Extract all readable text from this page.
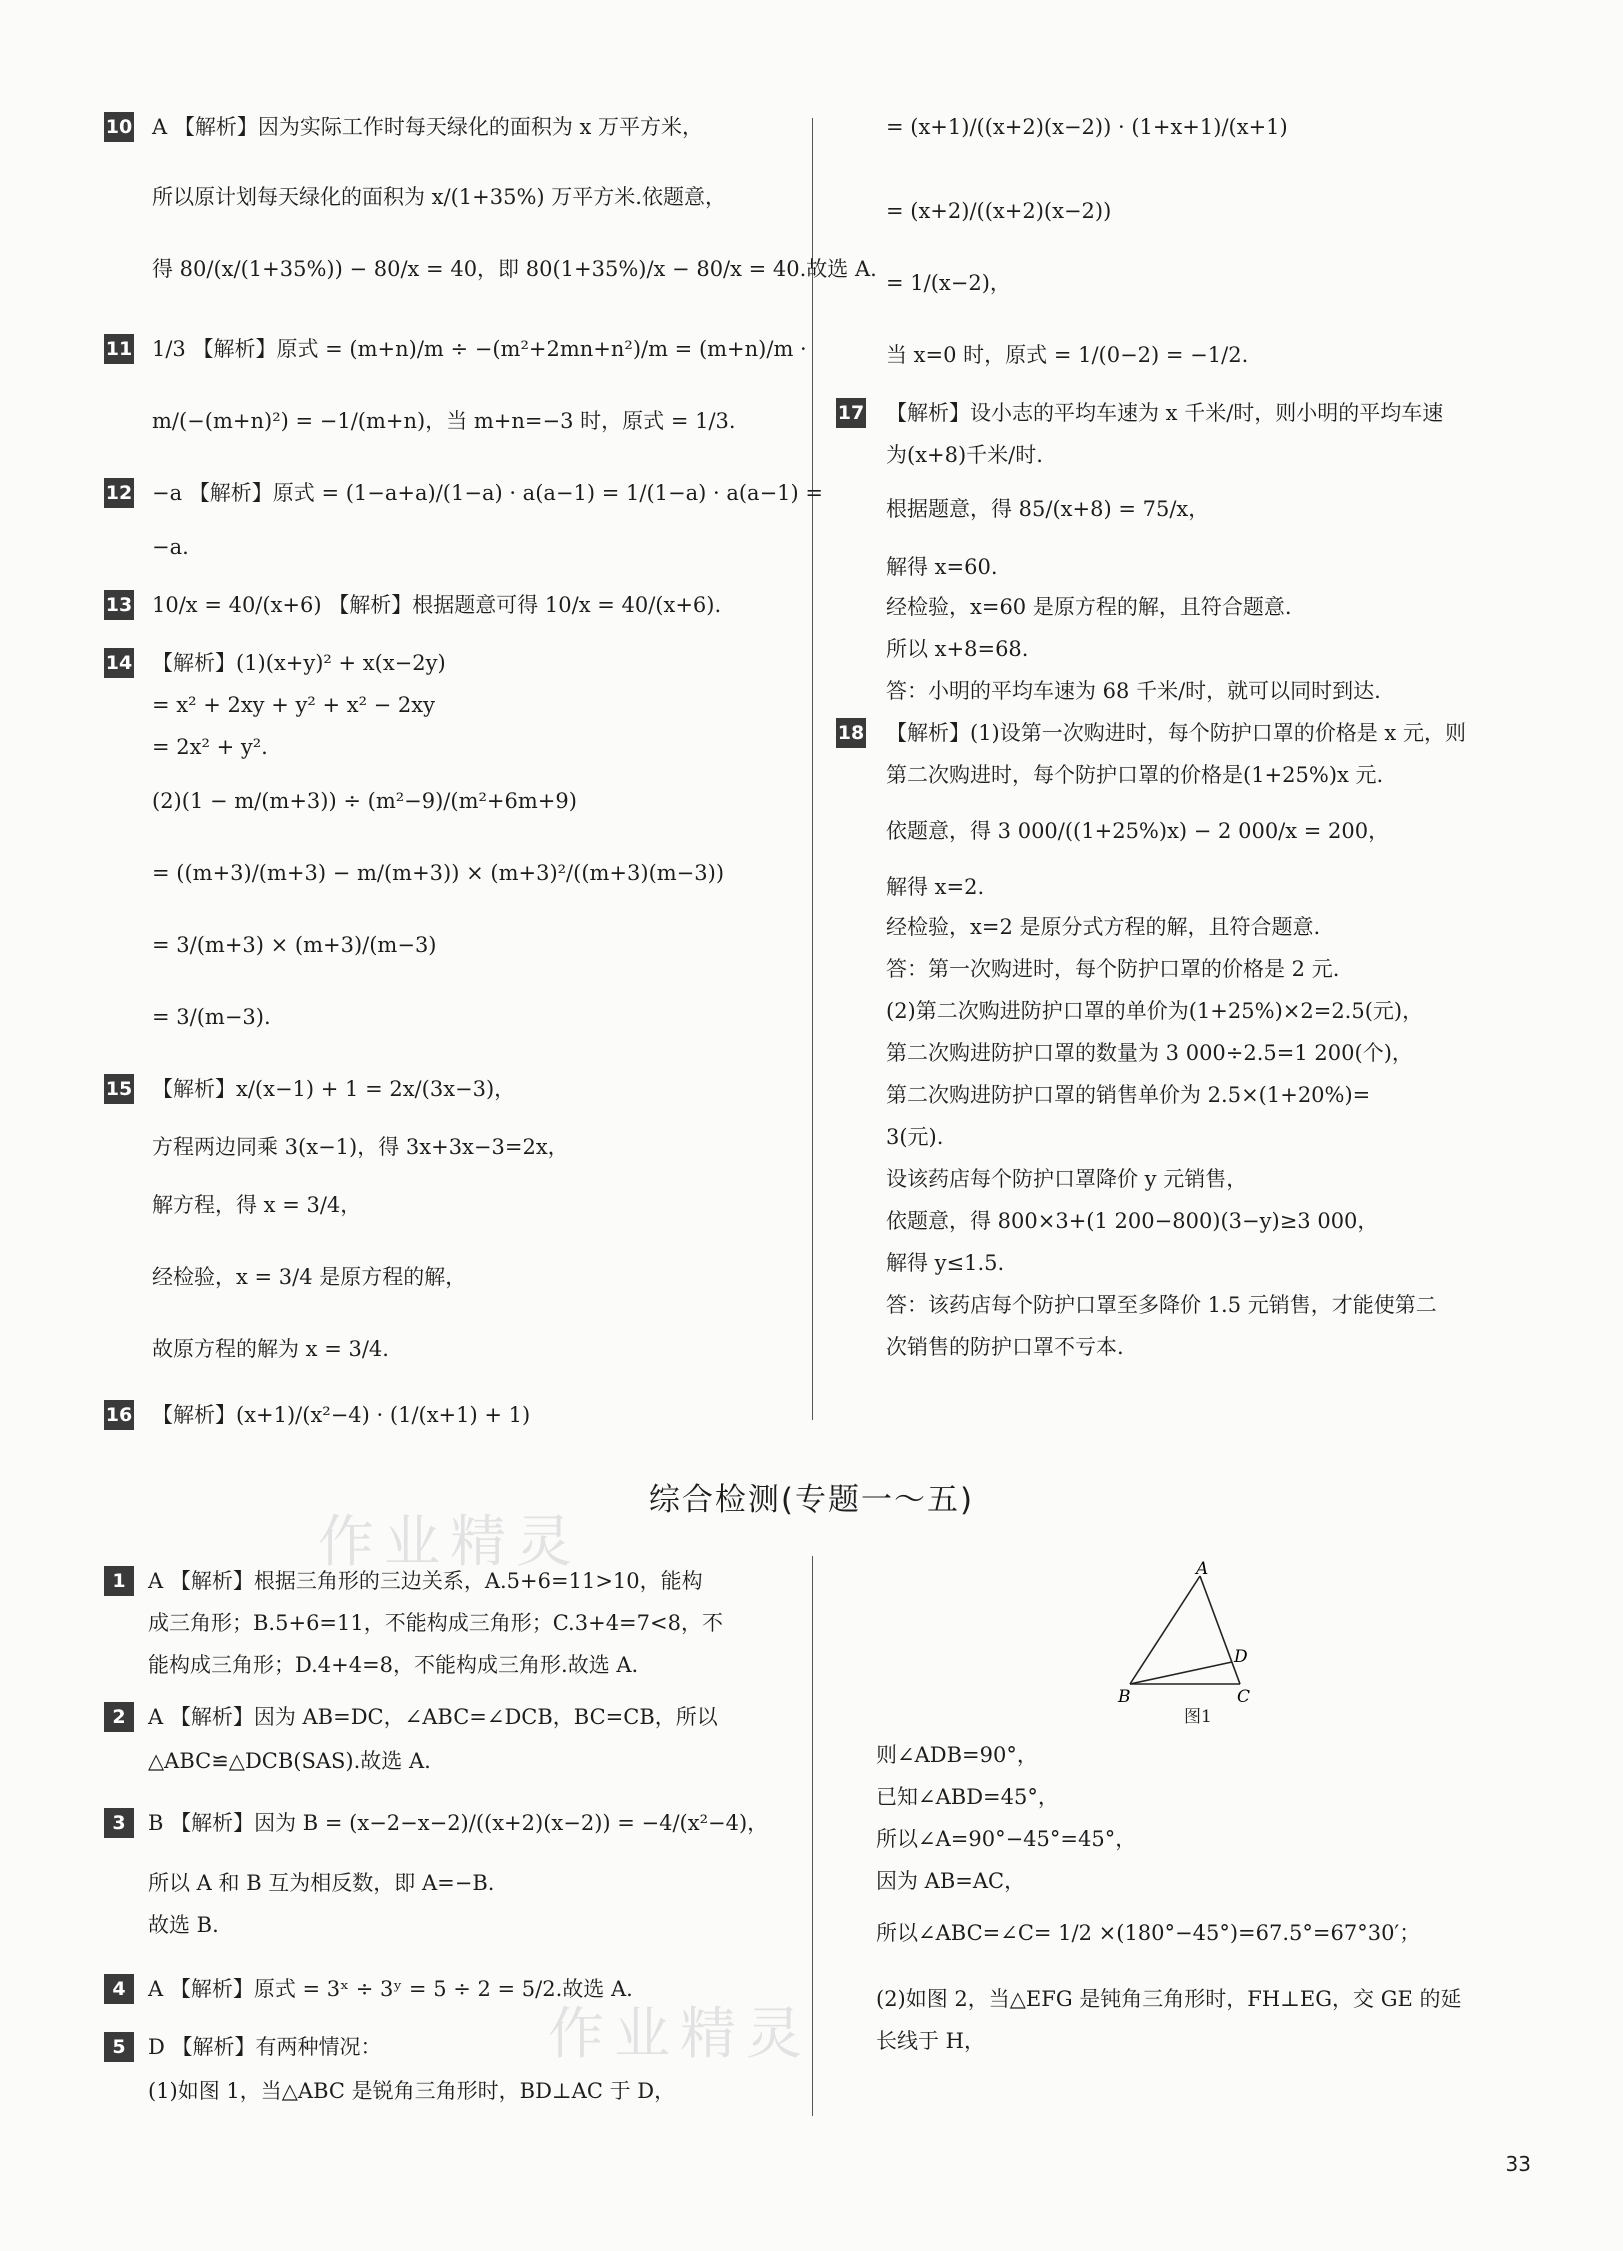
作业精灵
作业精灵
10 A 【解析】因为实际工作时每天绿化的面积为 x 万平方米，
所以原计划每天绿化的面积为 x/(1+35%) 万平方米.依题意，
得 80/(x/(1+35%)) − 80/x = 40，即 80(1+35%)/x − 80/x = 40.故选 A.
11 1/3 【解析】原式 = (m+n)/m ÷ −(m²+2mn+n²)/m = (m+n)/m ·
m/(−(m+n)²) = −1/(m+n)，当 m+n=−3 时，原式 = 1/3.
12 −a 【解析】原式 = (1−a+a)/(1−a) · a(a−1) = 1/(1−a) · a(a−1) =
−a.
13 10/x = 40/(x+6) 【解析】根据题意可得 10/x = 40/(x+6).
14 【解析】(1)(x+y)² + x(x−2y)
= x² + 2xy + y² + x² − 2xy
= 2x² + y².
(2)(1 − m/(m+3)) ÷ (m²−9)/(m²+6m+9)
= ((m+3)/(m+3) − m/(m+3)) × (m+3)²/((m+3)(m−3))
= 3/(m+3) × (m+3)/(m−3)
= 3/(m−3).
15 【解析】x/(x−1) + 1 = 2x/(3x−3)，
方程两边同乘 3(x−1)，得 3x+3x−3=2x，
解方程，得 x = 3/4，
经检验，x = 3/4 是原方程的解，
故原方程的解为 x = 3/4.
16 【解析】(x+1)/(x²−4) · (1/(x+1) + 1)
= (x+1)/((x+2)(x−2)) · (1+x+1)/(x+1)
= (x+2)/((x+2)(x−2))
= 1/(x−2)，
当 x=0 时，原式 = 1/(0−2) = −1/2.
17 【解析】设小志的平均车速为 x 千米/时，则小明的平均车速
为(x+8)千米/时.
根据题意，得 85/(x+8) = 75/x，
解得 x=60.
经检验，x=60 是原方程的解，且符合题意.
所以 x+8=68.
答：小明的平均车速为 68 千米/时，就可以同时到达.
18 【解析】(1)设第一次购进时，每个防护口罩的价格是 x 元，则
第二次购进时，每个防护口罩的价格是(1+25%)x 元.
依题意，得 3 000/((1+25%)x) − 2 000/x = 200，
解得 x=2.
经检验，x=2 是原分式方程的解，且符合题意.
答：第一次购进时，每个防护口罩的价格是 2 元.
(2)第二次购进防护口罩的单价为(1+25%)×2=2.5(元)，
第二次购进防护口罩的数量为 3 000÷2.5=1 200(个)，
第二次购进防护口罩的销售单价为 2.5×(1+20%)=
3(元).
设该药店每个防护口罩降价 y 元销售，
依题意，得 800×3+(1 200−800)(3−y)≥3 000，
解得 y≤1.5.
答：该药店每个防护口罩至多降价 1.5 元销售，才能使第二
次销售的防护口罩不亏本.
综合检测(专题一～五)
1	A 【解析】根据三角形的三边关系，A.5+6=11>10，能构
成三角形；B.5+6=11，不能构成三角形；C.3+4=7<8，不
能构成三角形；D.4+4=8，不能构成三角形.故选 A.
2	A 【解析】因为 AB=DC，∠ABC=∠DCB，BC=CB，所以
△ABC≌△DCB(SAS).故选 A.
3	B 【解析】因为 B = (x−2−x−2)/((x+2)(x−2)) = −4/(x²−4)，
所以 A 和 B 互为相反数，即 A=−B.
故选 B.
4	A 【解析】原式 = 3ˣ ÷ 3ʸ = 5 ÷ 2 = 5/2.故选 A.
5	D 【解析】有两种情况：
(1)如图 1，当△ABC 是锐角三角形时，BD⊥AC 于 D，
A
B	C
D
图1
则∠ADB=90°，
已知∠ABD=45°，
所以∠A=90°−45°=45°，
因为 AB=AC，
所以∠ABC=∠C= 1/2 ×(180°−45°)=67.5°=67°30′；
(2)如图 2，当△EFG 是钝角三角形时，FH⊥EG，交 GE 的延
长线于 H，
33
